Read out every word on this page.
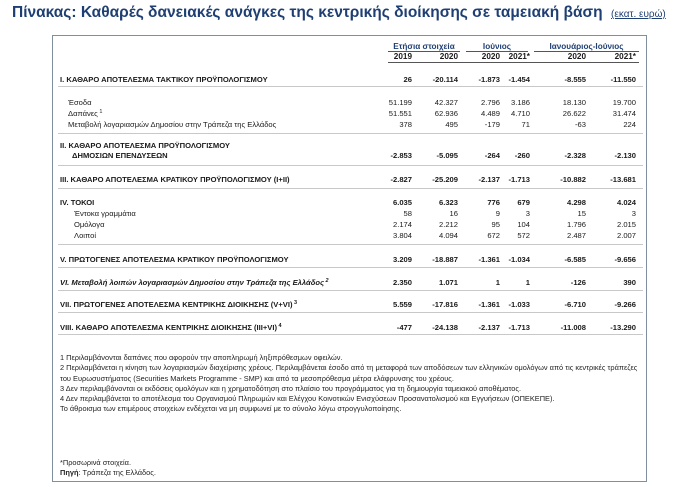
Πίνακας: Καθαρές δανειακές ανάγκες της κεντρικής διοίκησης σε ταμειακή βάση (εκατ. ευρώ)
Ετήσια στοιχεία	Ιούνιος	Ιανουάριος-Ιούνιος
2019	2020	2020	2021*	2020	2021*
I. ΚΑΘΑΡΟ ΑΠΟΤΕΛΕΣΜΑ ΤΑΚΤΙΚΟΥ ΠΡΟΫΠΟΛΟΓΙΣΜΟΥ	26	-20.114	-1.873	-1.454	-8.555	-11.550
Έσοδα	51.199	42.327	2.796	3.186	18.130	19.700
Δαπάνες $^1$	51.551	62.936	4.489	4.710	26.622	31.474
Μεταβολή λογαριασμών Δημοσίου στην Τράπεζα της Ελλάδος	378	495	-179	71	-63	224
II. ΚΑΘΑΡΟ ΑΠΟΤΕΛΕΣΜΑ ΠΡΟΫΠΟΛΟΓΙΣΜΟΥ
ΔΗΜΟΣΙΩΝ ΕΠΕΝΔΥΣΕΩΝ	-2.853	-5.095	-264	-260	-2.328	-2.130
III. ΚΑΘΑΡΟ ΑΠΟΤΕΛΕΣΜΑ ΚΡΑΤΙΚΟΥ ΠΡΟΫΠΟΛΟΓΙΣΜΟΥ (I+II)	-2.827	-25.209	-2.137	-1.713	-10.882	-13.681
IV. ΤΟΚΟΙ	6.035	6.323	776	679	4.298	4.024
Έντοκα γραμμάτια	58	16	9	3	15	3
Ομόλογα	2.174	2.212	95	104	1.796	2.015
Λοιποί	3.804	4.094	672	572	2.487	2.007
V. ΠΡΩΤΟΓΕΝΕΣ ΑΠΟΤΕΛΕΣΜΑ ΚΡΑΤΙΚΟΥ ΠΡΟΫΠΟΛΟΓΙΣΜΟΥ	3.209	-18.887	-1.361	-1.034	-6.585	-9.656
VI. Μεταβολή λοιπών λογαριασμών Δημοσίου στην Τράπεζα της Ελλάδος $^2$	2.350	1.071	1	1	-126	390
VII. ΠΡΩΤΟΓΕΝΕΣ ΑΠΟΤΕΛΕΣΜΑ ΚΕΝΤΡΙΚΗΣ ΔΙΟΙΚΗΣΗΣ (V+VI) $^3$	5.559	-17.816	-1.361	-1.033	-6.710	-9.266
VIII. ΚΑΘΑΡΟ ΑΠΟΤΕΛΕΣΜΑ ΚΕΝΤΡΙΚΗΣ ΔΙΟΙΚΗΣΗΣ (III+VI) $^4$	-477	-24.138	-2.137	-1.713	-11.008	-13.290

1 Περιλαμβάνονται δαπάνες που αφορούν την αποπληρωμή ληξιπρόθεσμων οφειλών.

2 Περιλαμβάνεται η κίνηση των λογαριασμών διαχείρισης χρέους. Περιλαμβάνεται έσοδο από τη μεταφορά των αποδόσεων των ελληνικών ομολόγων από τις κεντρικές τράπεζες του Ευρωσυστήματος (Securities Markets Programme - SMP) και από τα μεσοπρόθεσμα μέτρα ελάφρυνσης του χρέους.

3 Δεν περιλαμβάνονται οι εκδόσεις ομολόγων και η χρηματοδότηση στο πλαίσιο του προγράμματος για τη δημιουργία ταμειακού αποθέματος.

4 Δεν περιλαμβάνεται το αποτέλεσμα του Οργανισμού Πληρωμών και Ελέγχου Κοινοτικών Ενισχύσεων Προσανατολισμού και Εγγυήσεων (ΟΠΕΚΕΠΕ).

Το άθροισμα των επιμέρους στοιχείων ενδέχεται να μη συμφωνεί με το σύνολο λόγω στρογγυλοποίησης.

*Προσωρινά στοιχεία.
Πηγή: Τράπεζα της Ελλάδος.
